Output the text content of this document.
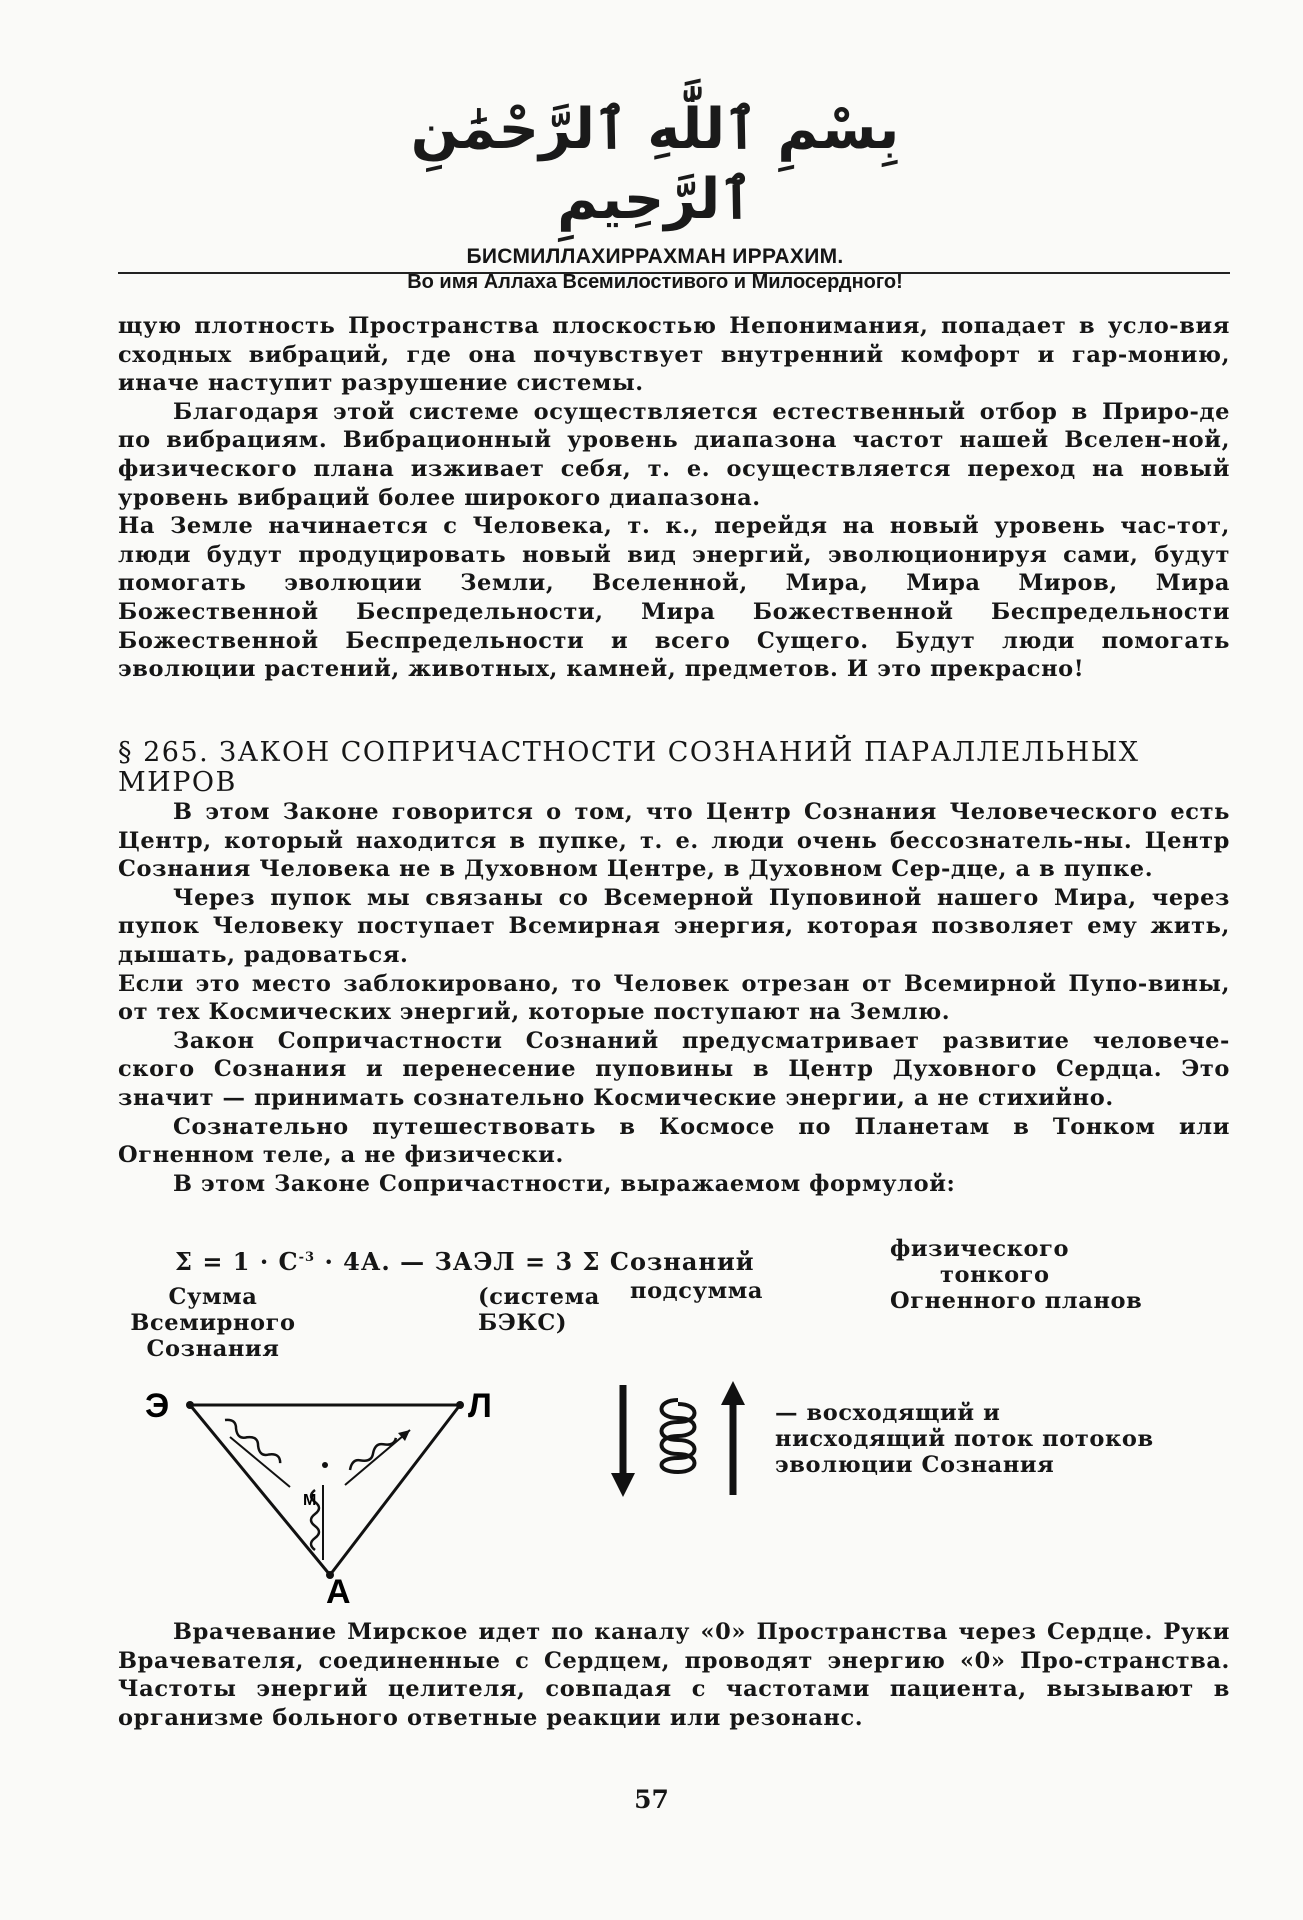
بِسْمِ ٱللَّٰهِ ٱلرَّحْمَٰنِ ٱلرَّحِيمِ
БИСМИЛЛАХИРРАХМАН ИРРАХИМ.
Во имя Аллаха Всемилостивого и Милосердного!

щую плотность Пространства плоскостью Непонимания, попадает в усло-вия сходных вибраций, где она почувствует внутренний комфорт и гар-монию, иначе наступит разрушение системы.

Благодаря этой системе осуществляется естественный отбор в Приро-де по вибрациям. Вибрационный уровень диапазона частот нашей Вселен-ной, физического плана изживает себя, т. е. осуществляется переход на новый уровень вибраций более широкого диапазона.

На Земле начинается с Человека, т. к., перейдя на новый уровень час-тот, люди будут продуцировать новый вид энергий, эволюционируя сами, будут помогать эволюции Земли, Вселенной, Мира, Мира Миров, Мира Божественной Беспредельности, Мира Божественной Беспредельности Божественной Беспредельности и всего Сущего. Будут люди помогать эволюции растений, животных, камней, предметов. И это прекрасно!

§ 265. ЗАКОН СОПРИЧАСТНОСТИ СОЗНАНИЙ ПАРАЛЛЕЛЬНЫХ МИРОВ

В этом Законе говорится о том, что Центр Сознания Человеческого есть Центр, который находится в пупке, т. е. люди очень бессознатель-ны. Центр Сознания Человека не в Духовном Центре, в Духовном Сер-дце, а в пупке.

Через пупок мы связаны со Всемерной Пуповиной нашего Мира, через пупок Человеку поступает Всемирная энергия, которая позволяет ему жить, дышать, радоваться.

Если это место заблокировано, то Человек отрезан от Всемирной Пупо-вины, от тех Космических энергий, которые поступают на Землю.

Закон Сопричастности Сознаний предусматривает развитие человече-ского Сознания и перенесение пуповины в Центр Духовного Сердца. Это значит — принимать сознательно Космические энергии, а не стихийно.

Сознательно путешествовать в Космосе по Планетам в Тонком или Огненном теле, а не физически.

В этом Законе Сопричастности, выражаемом формулой:

$\Sigma = 1 \cdot С^{-3} \cdot 4А$. — ЗАЭЛ = 3 Σ Сознаний	физического
тонкого
Огненного планов
Сумма
Всемирного
Сознания
(система
БЭКС)
подсумма
Э	Л
А
М
— восходящий и
нисходящий поток потоков
эволюции Сознания

Врачевание Мирское идет по каналу «0» Пространства через Сердце. Руки Врачевателя, соединенные с Сердцем, проводят энергию «0» Про-странства. Частоты энергий целителя, совпадая с частотами пациента, вызывают в организме больного ответные реакции или резонанс.

57
